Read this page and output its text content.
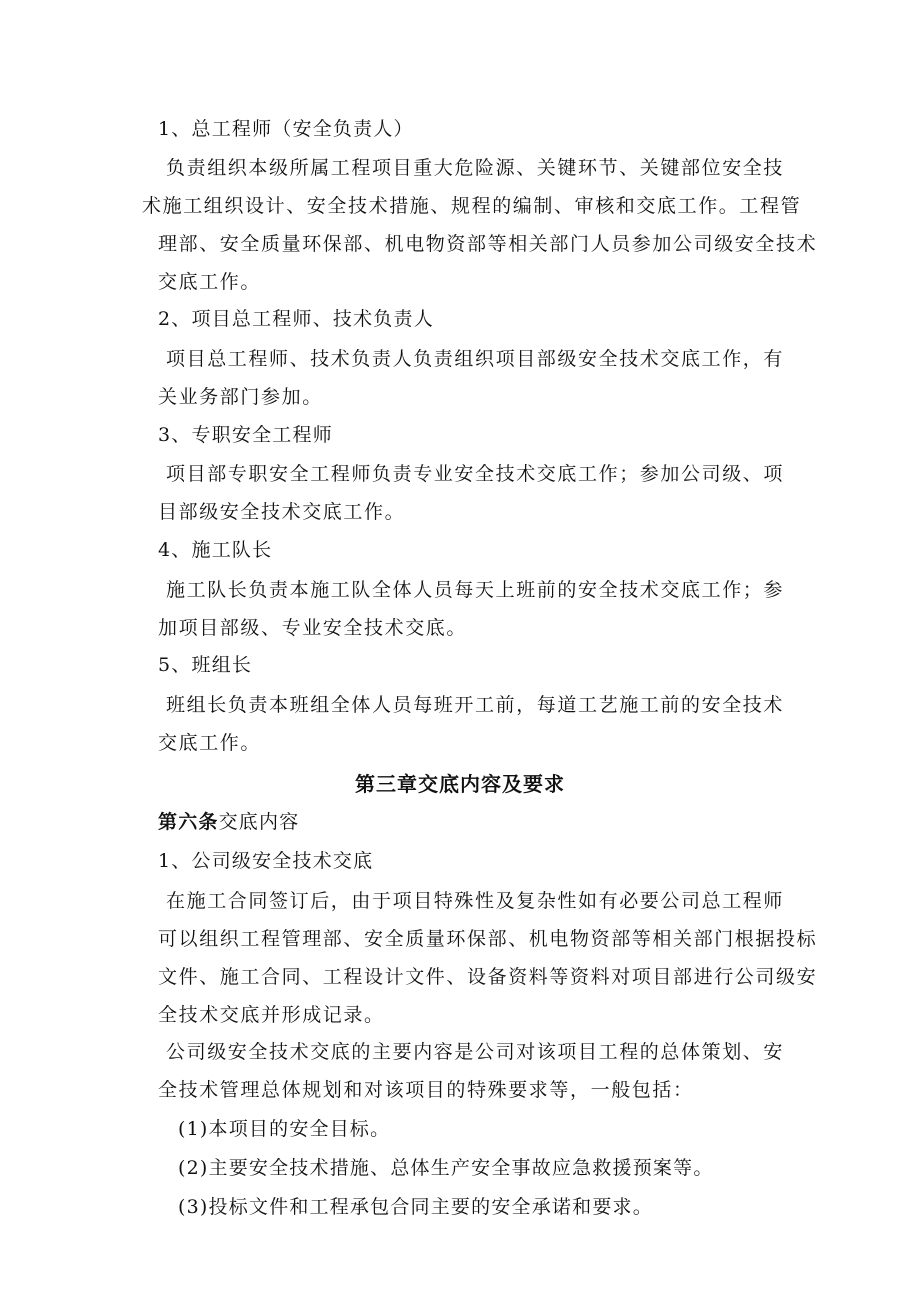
1、总工程师（安全负责人）
负责组织本级所属工程项目重大危险源、关键环节、关键部位安全技
术施工组织设计、安全技术措施、规程的编制、审核和交底工作。工程管
理部、安全质量环保部、机电物资部等相关部门人员参加公司级安全技术
交底工作。
2、项目总工程师、技术负责人
项目总工程师、技术负责人负责组织项目部级安全技术交底工作，有
关业务部门参加。
3、专职安全工程师
项目部专职安全工程师负责专业安全技术交底工作；参加公司级、项
目部级安全技术交底工作。
4、施工队长
施工队长负责本施工队全体人员每天上班前的安全技术交底工作；参
加项目部级、专业安全技术交底。
5、班组长
班组长负责本班组全体人员每班开工前，每道工艺施工前的安全技术
交底工作。
第三章交底内容及要求
第六条交底内容
1、公司级安全技术交底
在施工合同签订后，由于项目特殊性及复杂性如有必要公司总工程师
可以组织工程管理部、安全质量环保部、机电物资部等相关部门根据投标
文件、施工合同、工程设计文件、设备资料等资料对项目部进行公司级安
全技术交底并形成记录。
公司级安全技术交底的主要内容是公司对该项目工程的总体策划、安
全技术管理总体规划和对该项目的特殊要求等，一般包括：
(1)本项目的安全目标。
(2)主要安全技术措施、总体生产安全事故应急救援预案等。
(3)投标文件和工程承包合同主要的安全承诺和要求。
